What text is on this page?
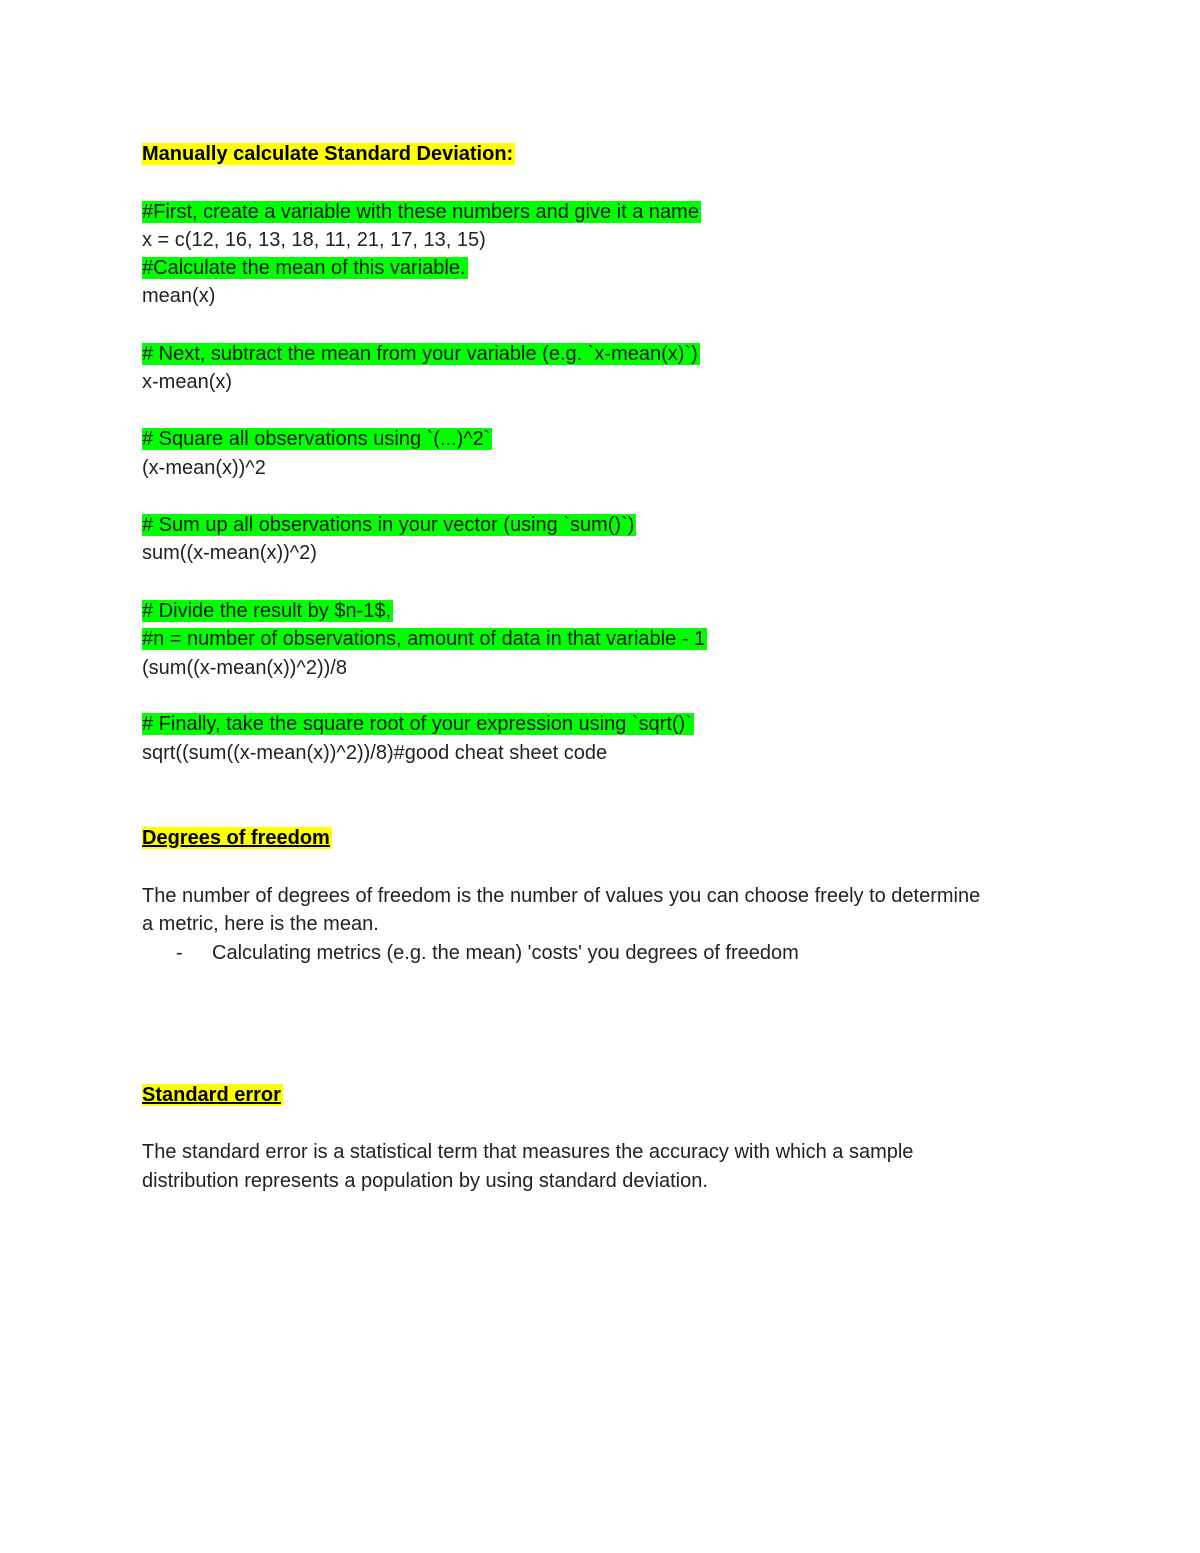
Manually calculate Standard Deviation:
#First, create a variable with these numbers and give it a name
x = c(12, 16, 13, 18, 11, 21, 17, 13, 15)
#Calculate the mean of this variable.
mean(x)
# Next, subtract the mean from your variable (e.g. `x-mean(x)`)
x-mean(x)
# Square all observations using `(...)^2`
(x-mean(x))^2
# Sum up all observations in your vector (using `sum()`)
sum((x-mean(x))^2)
# Divide the result by $n-1$,
#n = number of observations, amount of data in that variable - 1
(sum((x-mean(x))^2))/8
# Finally, take the square root of your expression using `sqrt()`
sqrt((sum((x-mean(x))^2))/8)#good cheat sheet code
Degrees of freedom
The number of degrees of freedom is the number of values you can choose freely to determine
a metric, here is the mean.
- Calculating metrics (e.g. the mean) 'costs' you degrees of freedom
Standard error
The standard error is a statistical term that measures the accuracy with which a sample
distribution represents a population by using standard deviation.
